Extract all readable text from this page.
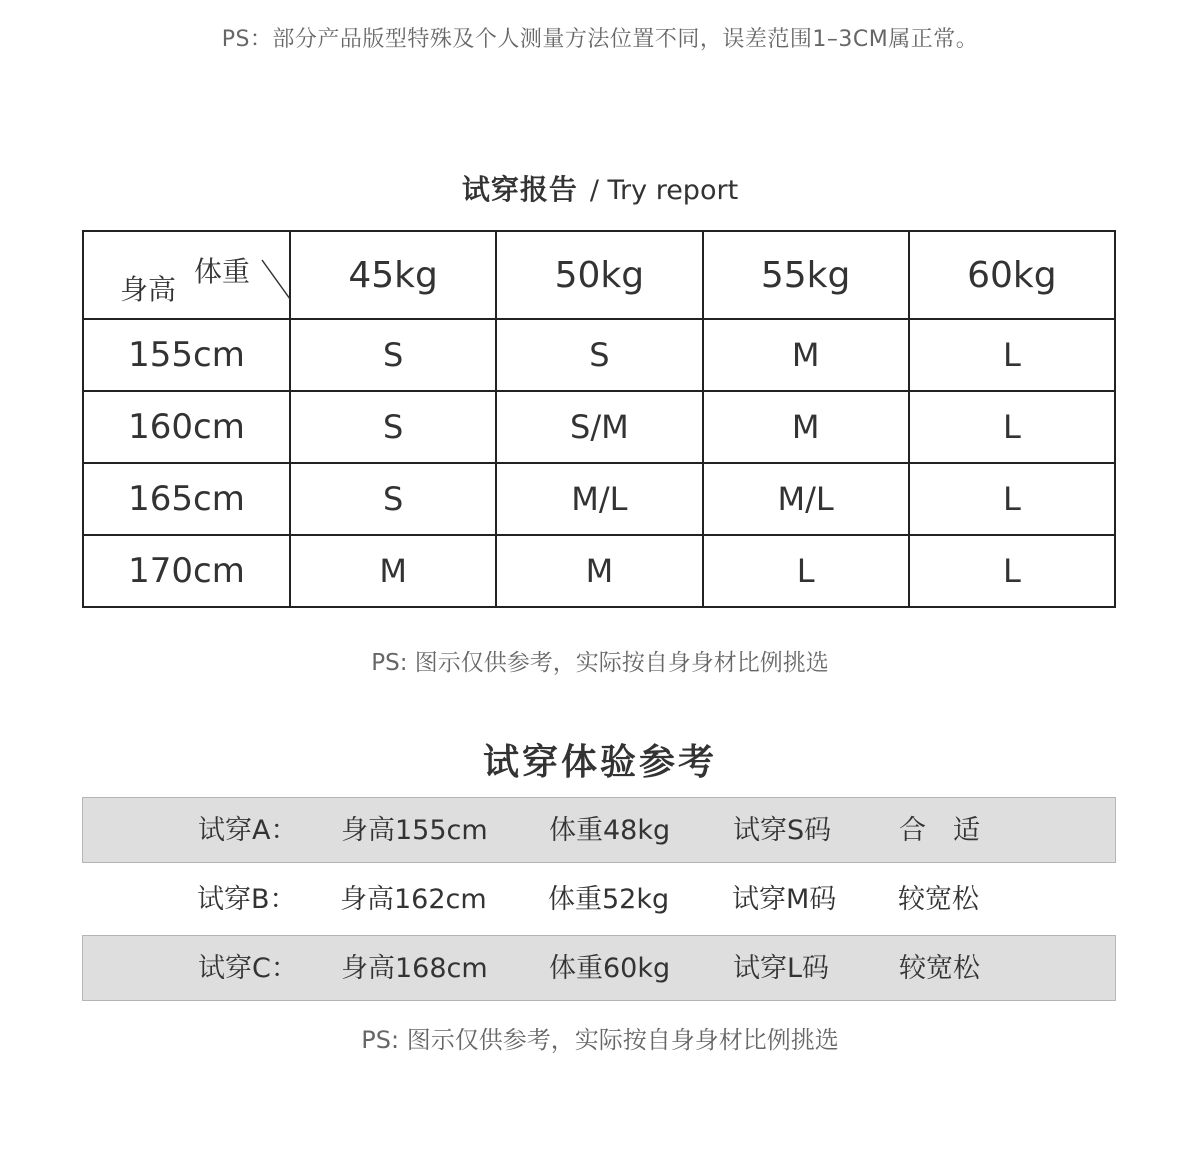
PS：部分产品版型特殊及个人测量方法位置不同，误差范围1–3CM属正常。
试穿报告 / Try report
体重
身高	45kg	50kg	55kg	60kg
155cm	S	S	M	L
160cm	S	S/M	M	L
165cm	S	M/L	M/L	L
170cm	M	M	L	L
PS: 图示仅供参考，实际按自身身材比例挑选
试穿体验参考
试穿A： 身高155cm 体重48kg 试穿S码	合　适
试穿B： 身高162cm 体重52kg 试穿M码 较宽松
试穿C： 身高168cm 体重60kg 试穿L码	较宽松
PS: 图示仅供参考，实际按自身身材比例挑选
